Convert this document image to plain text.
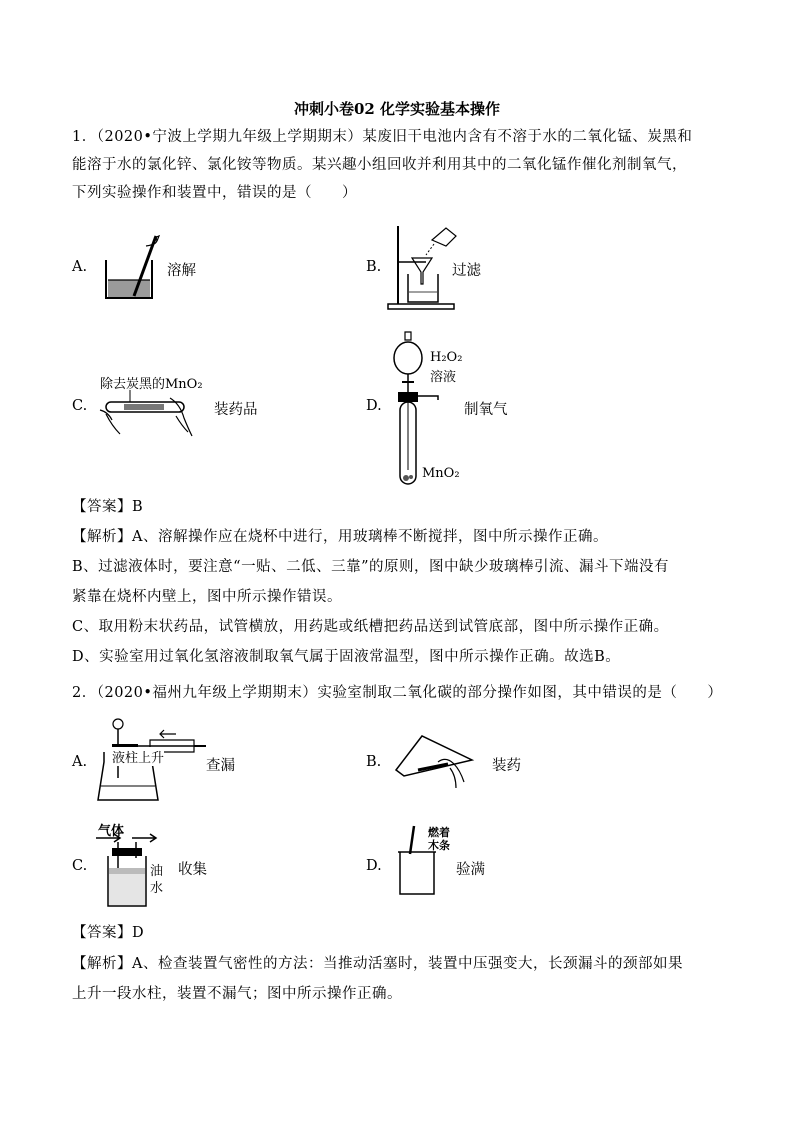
冲刺小卷02 化学实验基本操作
1．（2020•宁波上学期九年级上学期期末）某废旧干电池内含有不溶于水的二氧化锰、炭黑和
能溶于水的氯化锌、氯化铵等物质。某兴趣小组回收并利用其中的二氧化锰作催化剂制氧气，
下列实验操作和装置中，错误的是（　　）
A.	溶解	B.	过滤
除去炭黑的MnO₂
C.	装药品	D.
H₂O₂
溶液
MnO₂
制氧气
【答案】B
【解析】A、溶解操作应在烧杯中进行，用玻璃棒不断搅拌，图中所示操作正确。
B、过滤液体时，要注意“一贴、二低、三靠”的原则，图中缺少玻璃棒引流、漏斗下端没有
紧靠在烧杯内壁上，图中所示操作错误。
C、取用粉末状药品，试管横放，用药匙或纸槽把药品送到试管底部，图中所示操作正确。
D、实验室用过氧化氢溶液制取氧气属于固液常温型，图中所示操作正确。故选B。
2．（2020•福州九年级上学期期末）实验室制取二氧化碳的部分操作如图，其中错误的是（　　）
A. 液柱上升	查漏	B.	装药
气体
C.	油
水
收集	D.
燃着
木条
验满
【答案】D
【解析】A、检查装置气密性的方法：当推动活塞时，装置中压强变大，长颈漏斗的颈部如果
上升一段水柱，装置不漏气；图中所示操作正确。
